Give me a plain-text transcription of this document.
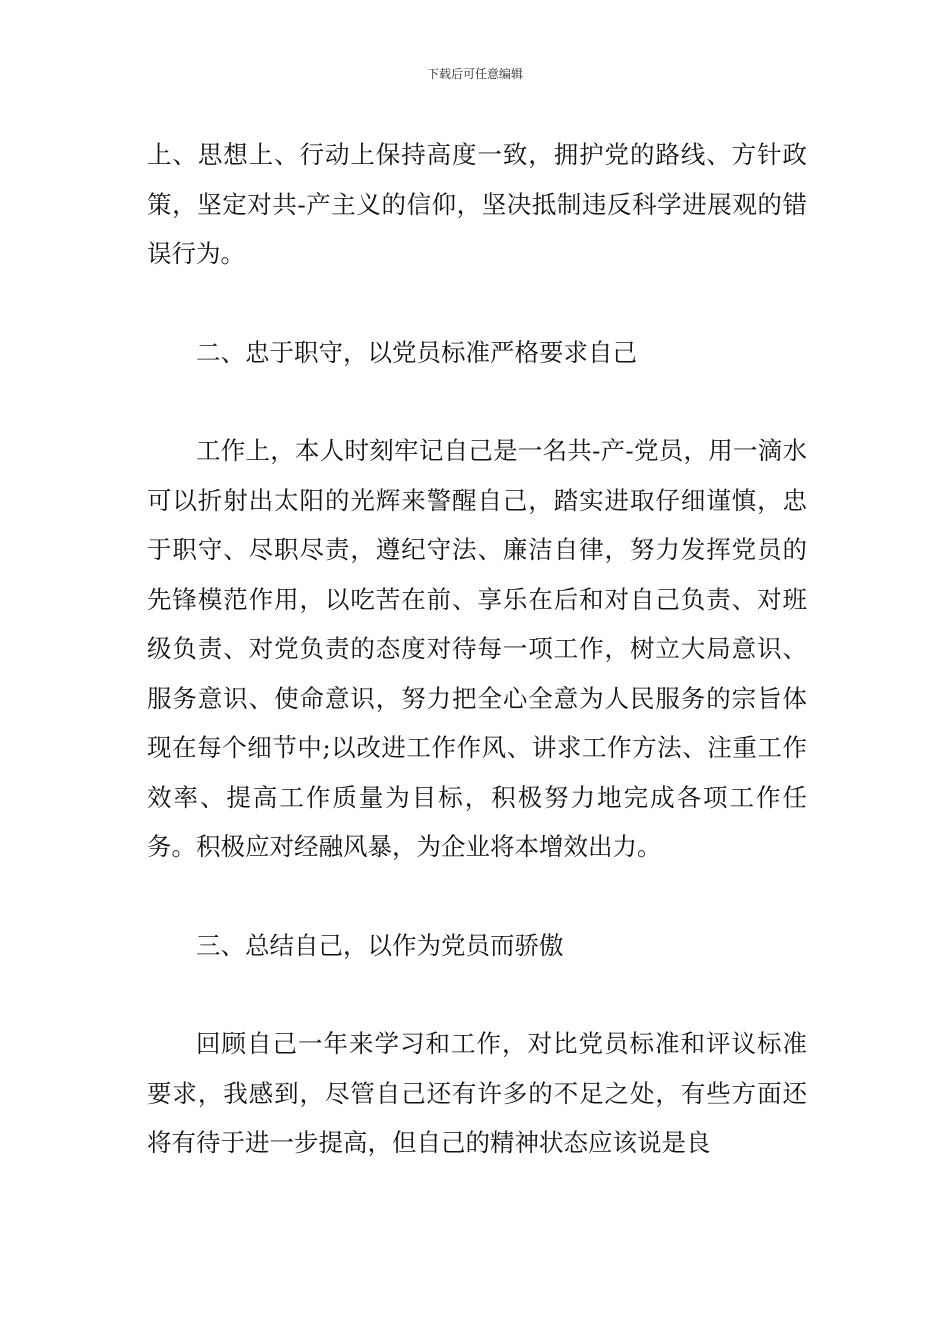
下载后可任意编辑

上、思想上、行动上保持高度一致，拥护党的路线、方针政策，坚定对共-产主义的信仰，坚决抵制违反科学进展观的错误行为。

二、忠于职守，以党员标准严格要求自己

工作上，本人时刻牢记自己是一名共-产-党员，用一滴水可以折射出太阳的光辉来警醒自己，踏实进取仔细谨慎，忠于职守、尽职尽责，遵纪守法、廉洁自律，努力发挥党员的先锋模范作用，以吃苦在前、享乐在后和对自己负责、对班级负责、对党负责的态度对待每一项工作，树立大局意识、服务意识、使命意识，努力把全心全意为人民服务的宗旨体现在每个细节中;以改进工作作风、讲求工作方法、注重工作效率、提高工作质量为目标，积极努力地完成各项工作任务。积极应对经融风暴，为企业将本增效出力。

三、总结自己，以作为党员而骄傲

回顾自己一年来学习和工作，对比党员标准和评议标准要求，我感到，尽管自己还有许多的不足之处，有些方面还将有待于进一步提高，但自己的精神状态应该说是良
